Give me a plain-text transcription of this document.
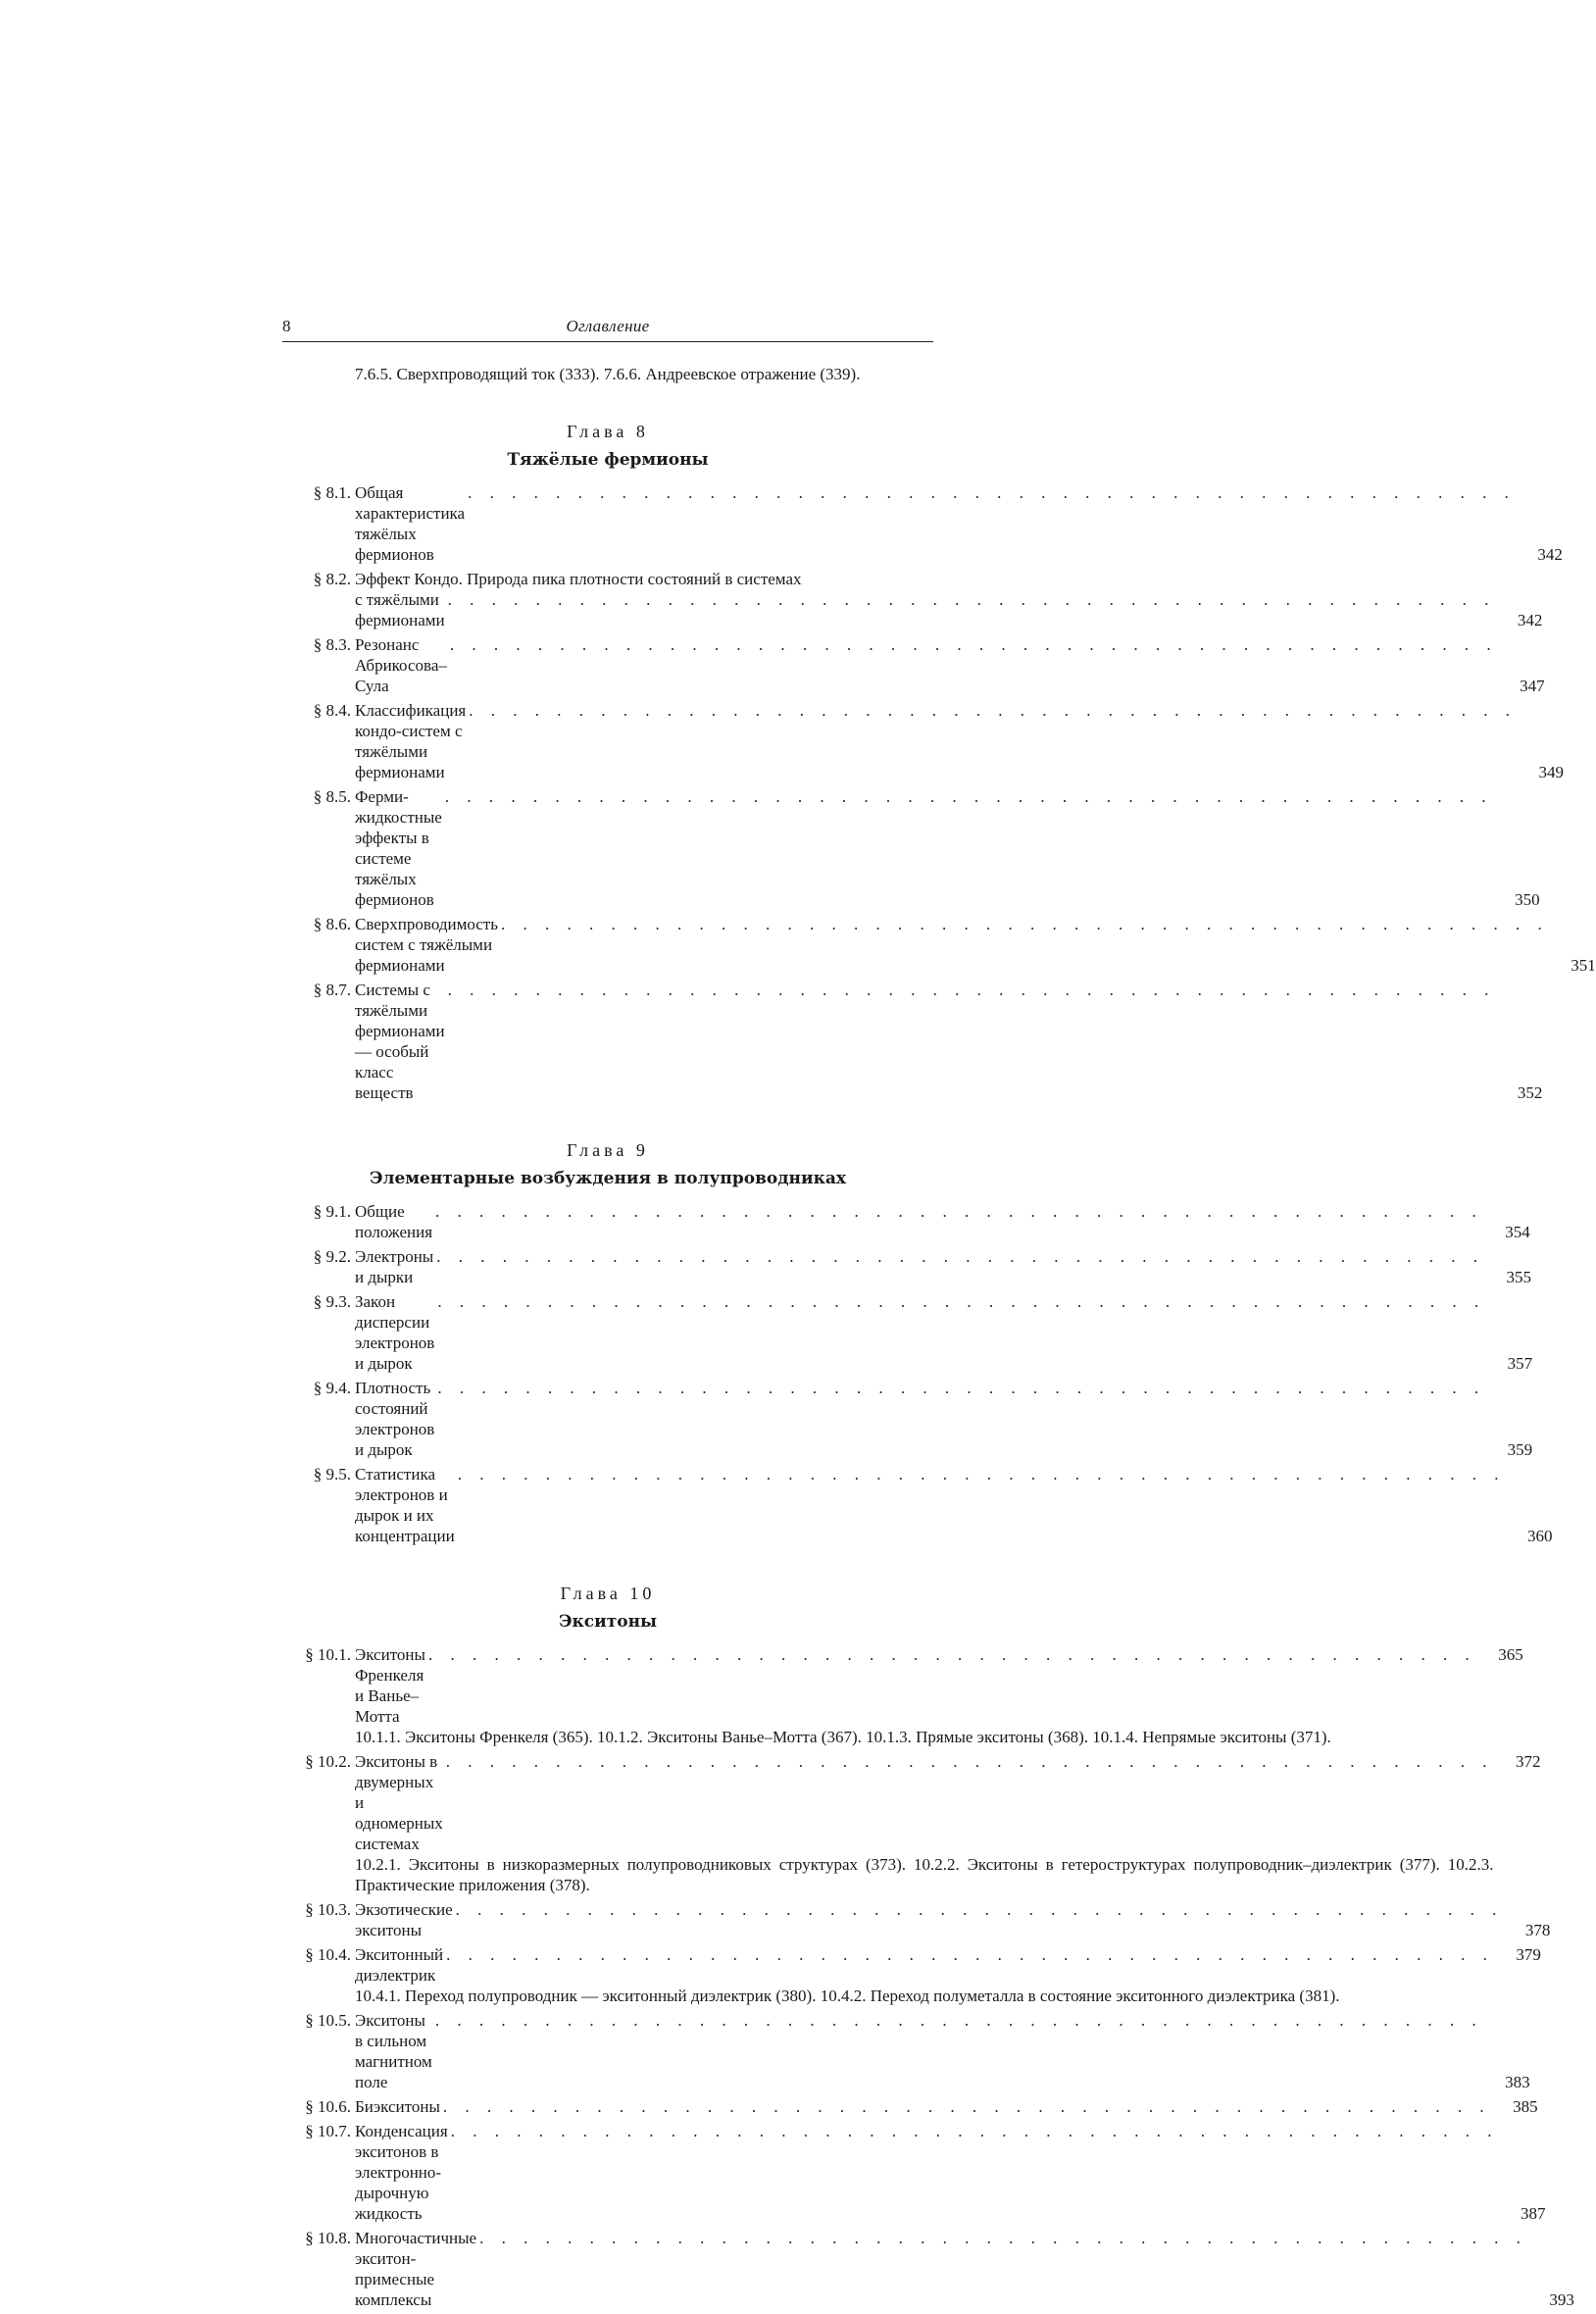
8	Оглавление
7.6.5. Сверхпроводящий ток (333). 7.6.6. Андреевское отражение (339).
Глава 8
Тяжёлые фермионы
§ 8.1. Общая характеристика тяжёлых фермионов
. . . . . . . . . . . . . . . . . . . . . . . . . . . . . . . . . . . . . . . . . . . . . . . .
342
§ 8.2. Эффект Кондо. Природа пика плотности состояний в системах
с тяжёлыми фермионами
. . . . . . . . . . . . . . . . . . . . . . . . . . . . . . . . . . . . . . . . . . . . . . . .
342
§ 8.3. Резонанс Абрикосова–Сула
. . . . . . . . . . . . . . . . . . . . . . . . . . . . . . . . . . . . . . . . . . . . . . . .
347
§ 8.4. Классификация кондо-систем с тяжёлыми фермионами
. . . . . . . . . . . . . . . . . . . . . . . . . . . . . . . . . . . . . . . . . . . . . . . .
349
§ 8.5. Ферми-жидкостные эффекты в системе тяжёлых фермионов
. . . . . . . . . . . . . . . . . . . . . . . . . . . . . . . . . . . . . . . . . . . . . . . .
350
§ 8.6. Сверхпроводимость систем с тяжёлыми фермионами
. . . . . . . . . . . . . . . . . . . . . . . . . . . . . . . . . . . . . . . . . . . . . . . .
351
§ 8.7. Системы с тяжёлыми фермионами — особый класс веществ
. . . . . . . . . . . . . . . . . . . . . . . . . . . . . . . . . . . . . . . . . . . . . . . .
352
Глава 9
Элементарные возбуждения в полупроводниках
§ 9.1. Общие положения
. . . . . . . . . . . . . . . . . . . . . . . . . . . . . . . . . . . . . . . . . . . . . . . .
354
§ 9.2. Электроны и дырки
. . . . . . . . . . . . . . . . . . . . . . . . . . . . . . . . . . . . . . . . . . . . . . . .
355
§ 9.3. Закон дисперсии электронов и дырок
. . . . . . . . . . . . . . . . . . . . . . . . . . . . . . . . . . . . . . . . . . . . . . . .
357
§ 9.4. Плотность состояний электронов и дырок
. . . . . . . . . . . . . . . . . . . . . . . . . . . . . . . . . . . . . . . . . . . . . . . .
359
§ 9.5. Статистика электронов и дырок и их концентрации
. . . . . . . . . . . . . . . . . . . . . . . . . . . . . . . . . . . . . . . . . . . . . . . .
360
Глава 10
Экситоны
§ 10.1. Экситоны Френкеля и Ванье–Мотта
. . . . . . . . . . . . . . . . . . . . . . . . . . . . . . . . . . . . . . . . . . . . . . . .	365
10.1.1. Экситоны Френкеля (365). 10.1.2. Экситоны Ванье–Мотта (367). 10.1.3. Прямые экситоны (368). 10.1.4. Непрямые экситоны (371).
§ 10.2. Экситоны в двумерных и одномерных системах
. . . . . . . . . . . . . . . . . . . . . . . . . . . . . . . . . . . . . . . . . . . . . . . .	372
10.2.1. Экситоны в низкоразмерных полупроводниковых структурах (373). 10.2.2. Экситоны в гетероструктурах полупроводник–диэлектрик (377). 10.2.3. Практические приложения (378).
§ 10.3. Экзотические экситоны
. . . . . . . . . . . . . . . . . . . . . . . . . . . . . . . . . . . . . . . . . . . . . . . .
378
§ 10.4. Экситонный диэлектрик
. . . . . . . . . . . . . . . . . . . . . . . . . . . . . . . . . . . . . . . . . . . . . . . .	379
10.4.1. Переход полупроводник — экситонный диэлектрик (380). 10.4.2. Переход полуметалла в состояние экситонного диэлектрика (381).
§ 10.5. Экситоны в сильном магнитном поле
. . . . . . . . . . . . . . . . . . . . . . . . . . . . . . . . . . . . . . . . . . . . . . . .
383
§ 10.6. Биэкситоны . . . . . . . . . . . . . . . . . . . . . . . . . . . . . . . . . . . . . . . . . . . . . . . .	385
§ 10.7. Конденсация экситонов в электронно-дырочную жидкость
. . . . . . . . . . . . . . . . . . . . . . . . . . . . . . . . . . . . . . . . . . . . . . . .
387
§ 10.8. Многочастичные экситон-примесные комплексы
. . . . . . . . . . . . . . . . . . . . . . . . . . . . . . . . . . . . . . . . . . . . . . . .
393
